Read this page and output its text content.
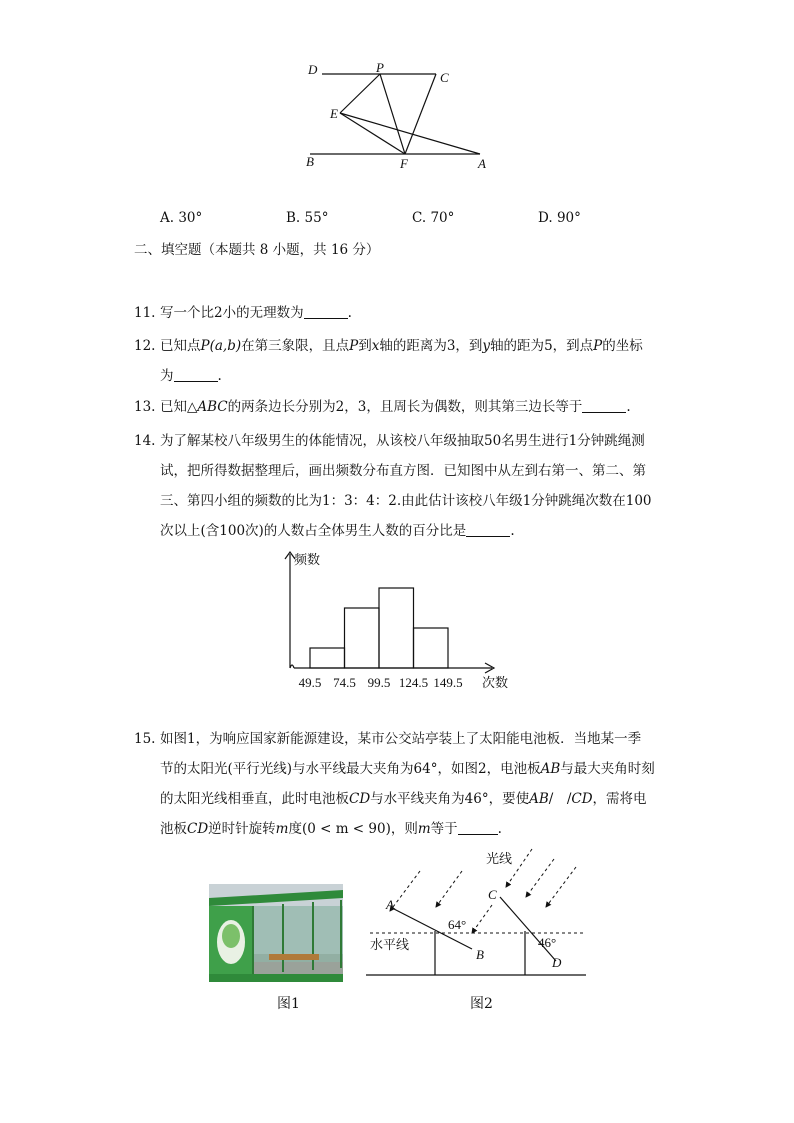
D	P
C
E
B	F	A
A. 30°	B. 55°	C. 70°	D. 90°
二、填空题（本题共 8 小题，共 16 分）
11. 写一个比2小的无理数为	.
12. 已知点P(a,b)在第三象限，且点P到x轴的距离为3，到y轴的距为5，到点P的坐标
为	.
13. 已知△ABC的两条边长分别为2，3，且周长为偶数，则其第三边长等于	.
14. 为了解某校八年级男生的体能情况，从该校八年级抽取50名男生进行1分钟跳绳测
试，把所得数据整理后，画出频数分布直方图．已知图中从左到右第一、第二、第
三、第四小组的频数的比为1：3：4：2.由此估计该校八年级1分钟跳绳次数在100
次以上(含100次)的人数占全体男生人数的百分比是	.
频数
次数
49.5 74.5 99.5 124.5 149.5
15. 如图1，为响应国家新能源建设，某市公交站亭装上了太阳能电池板．当地某一季
节的太阳光(平行光线)与水平线最大夹角为64°，如图2，电池板AB与最大夹角时刻
的太阳光线相垂直，此时电池板CD与水平线夹角为46°，要使AB/　/CD，需将电
池板CD逆时针旋转m度(0 < m < 90)，则m等于	.
图1
A
B
C
D
64°
46°
光线
水平线
图2
